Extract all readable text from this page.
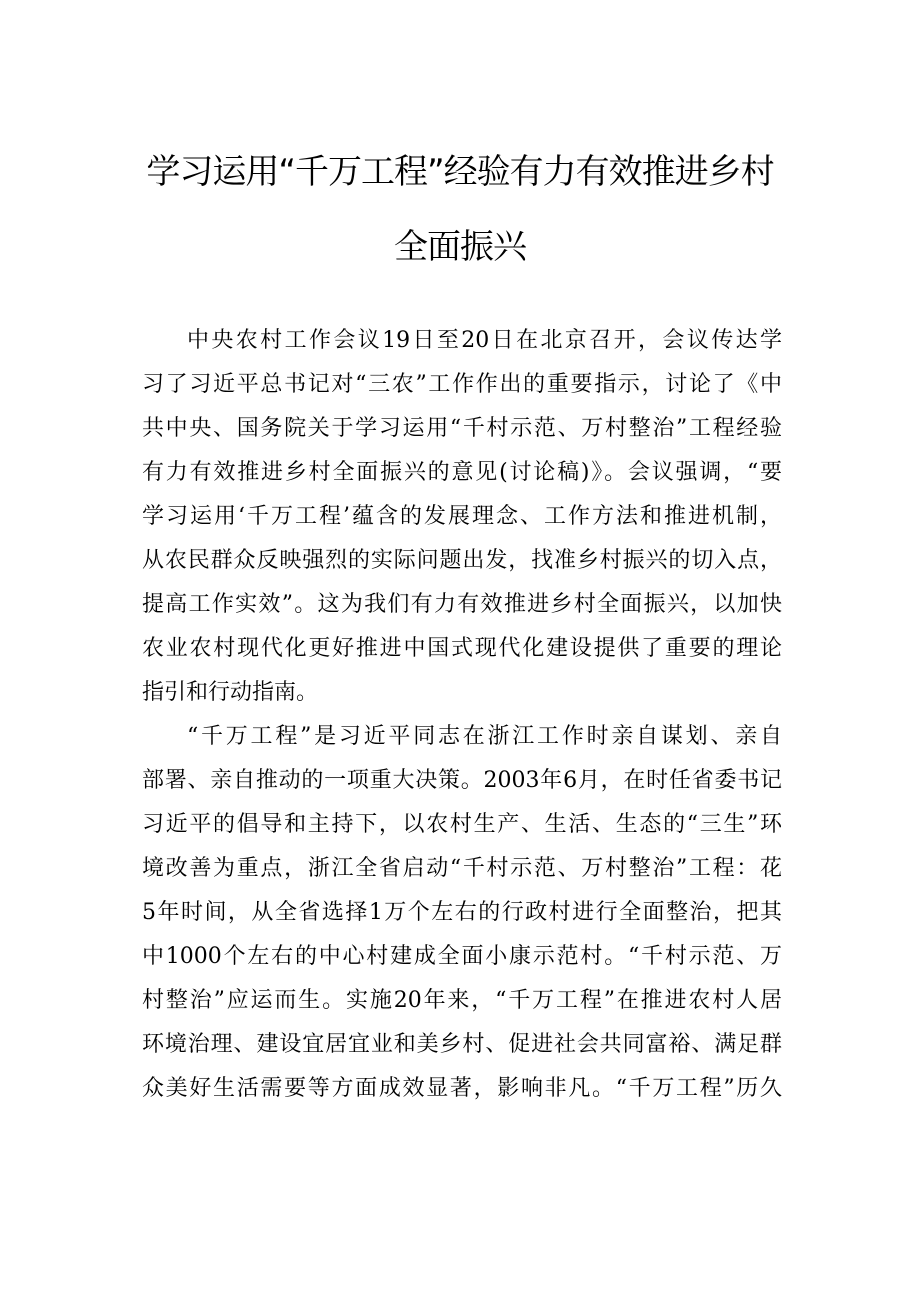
学习运用“千万工程”经验有力有效推进乡村
全面振兴
中央农村工作会议19日至20日在北京召开，会议传达学
习了习近平总书记对“三农”工作作出的重要指示，讨论了《中
共中央、国务院关于学习运用“千村示范、万村整治”工程经验
有力有效推进乡村全面振兴的意见(讨论稿)》。会议强调，“要
学习运用‘千万工程’蕴含的发展理念、工作方法和推进机制，
从农民群众反映强烈的实际问题出发，找准乡村振兴的切入点，
提高工作实效”。这为我们有力有效推进乡村全面振兴，以加快
农业农村现代化更好推进中国式现代化建设提供了重要的理论
指引和行动指南。
“千万工程”是习近平同志在浙江工作时亲自谋划、亲自
部署、亲自推动的一项重大决策。2003年6月，在时任省委书记
习近平的倡导和主持下，以农村生产、生活、生态的“三生”环
境改善为重点，浙江全省启动“千村示范、万村整治”工程：花
5年时间，从全省选择1万个左右的行政村进行全面整治，把其
中1000个左右的中心村建成全面小康示范村。“千村示范、万
村整治”应运而生。实施20年来，“千万工程”在推进农村人居
环境治理、建设宜居宜业和美乡村、促进社会共同富裕、满足群
众美好生活需要等方面成效显著，影响非凡。“千万工程”历久
